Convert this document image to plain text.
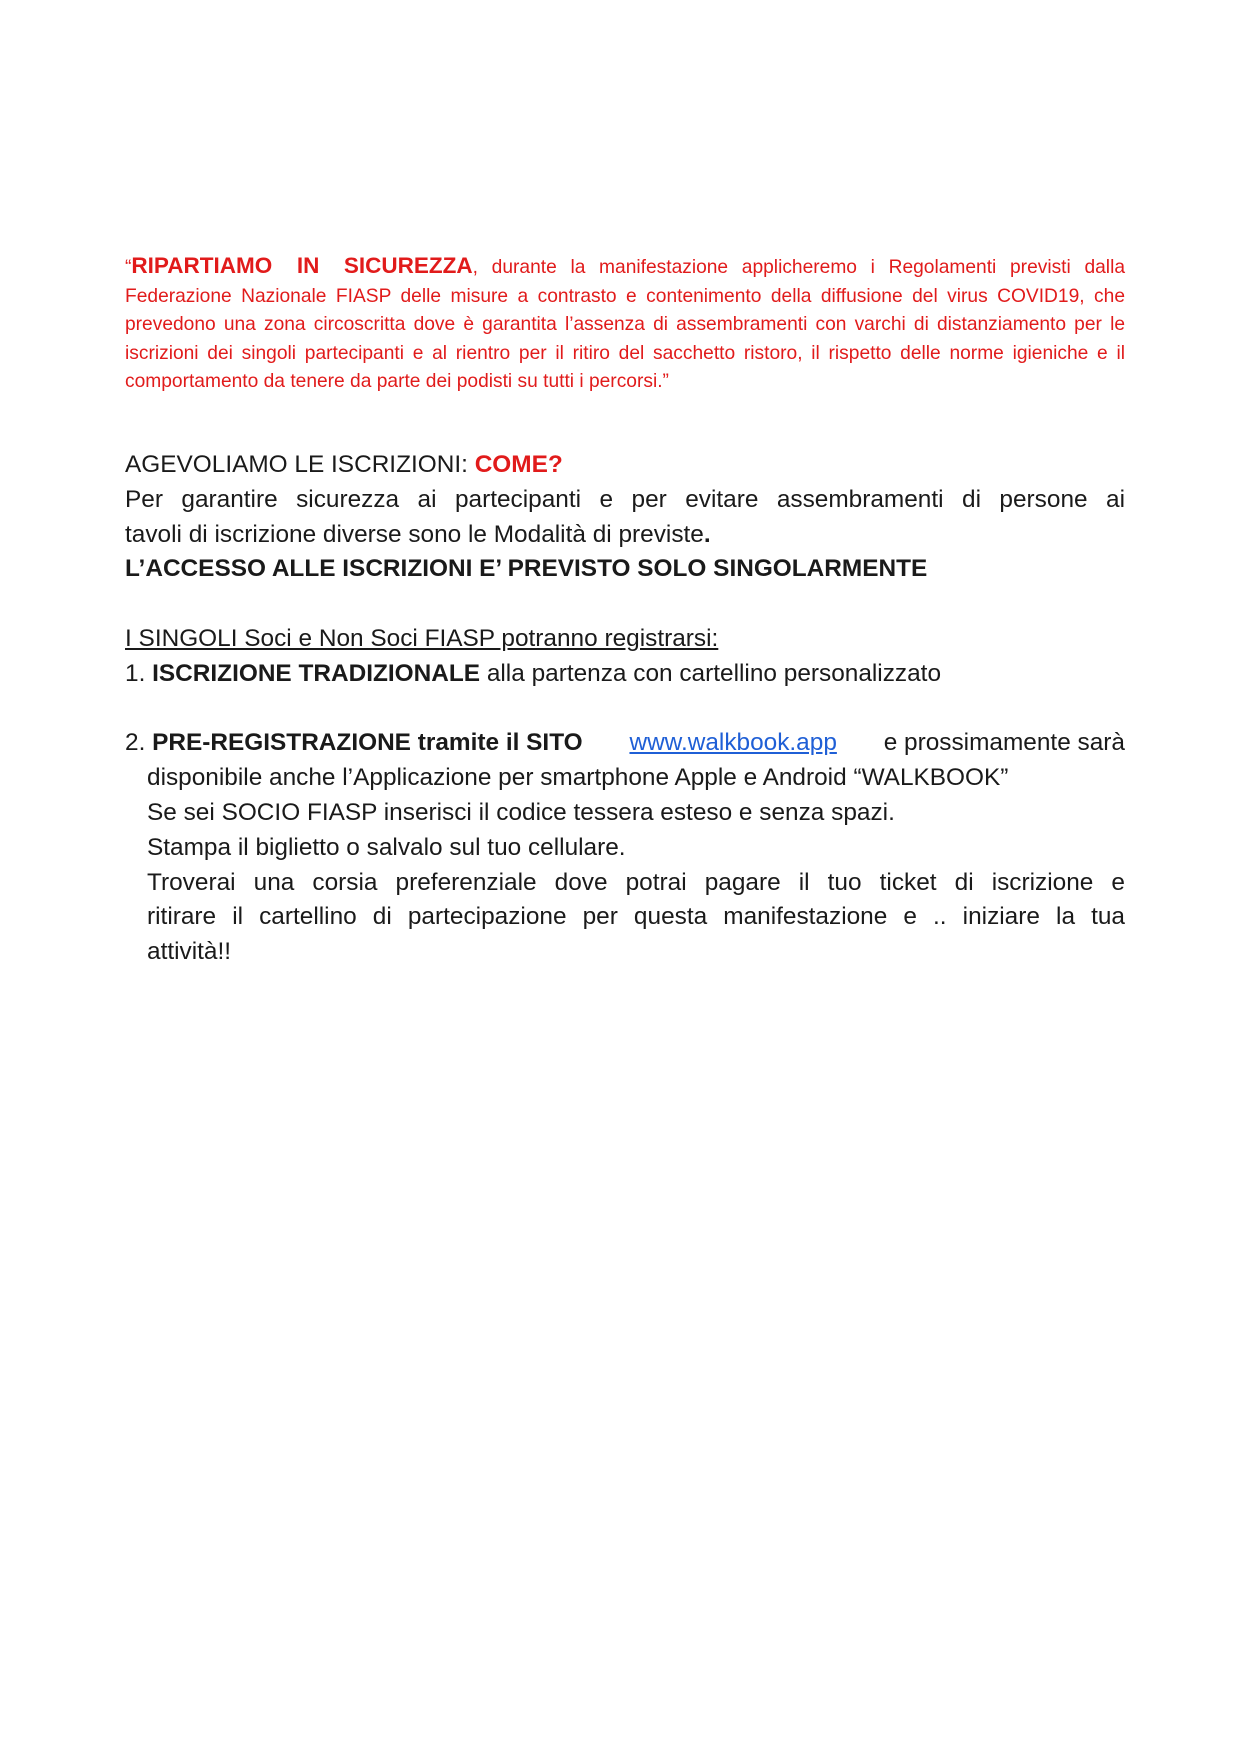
“RIPARTIAMO IN SICUREZZA, durante la manifestazione applicheremo i Regolamenti previsti dalla Federazione Nazionale FIASP delle misure a contrasto e contenimento della diffusione del virus COVID19, che prevedono una zona circoscritta dove è garantita l’assenza di assembramenti con varchi di distanziamento per le iscrizioni dei singoli partecipanti e al rientro per il ritiro del sacchetto ristoro, il rispetto delle norme igieniche e il comportamento da tenere da parte dei podisti su tutti i percorsi.”
AGEVOLIAMO LE ISCRIZIONI: COME?
Per garantire sicurezza ai partecipanti e per evitare assembramenti di persone ai
tavoli di iscrizione diverse sono le Modalità di previste.
L’ACCESSO ALLE ISCRIZIONI E’ PREVISTO SOLO SINGOLARMENTE
I SINGOLI Soci e Non Soci FIASP potranno registrarsi:
1. ISCRIZIONE TRADIZIONALE alla partenza con cartellino personalizzato
2. PRE-REGISTRAZIONE tramite il SITO www.walkbook.app e prossimamente sarà
disponibile anche l’Applicazione per smartphone Apple e Android “WALKBOOK”
Se sei SOCIO FIASP inserisci il codice tessera esteso e senza spazi.
Stampa il biglietto o salvalo sul tuo cellulare.
Troverai una corsia preferenziale dove potrai pagare il tuo ticket di iscrizione e
ritirare il cartellino di partecipazione per questa manifestazione e .. iniziare la tua
attività!!
